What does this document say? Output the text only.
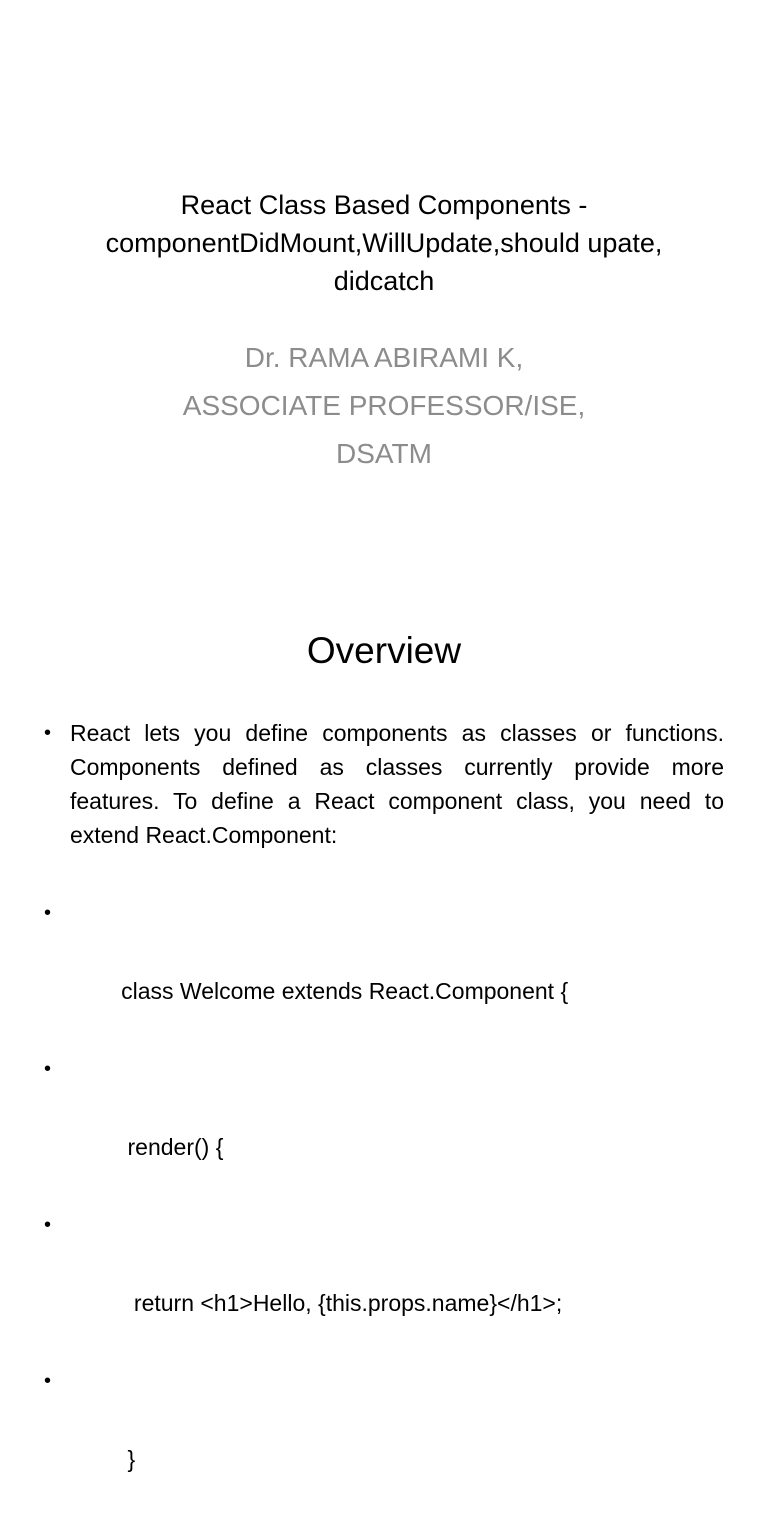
React Class Based Components -
componentDidMount,WillUpdate,should upate,
didcatch
Dr. RAMA ABIRAMI K,
ASSOCIATE PROFESSOR/ISE,
DSATM
Overview
• React lets you define components as classes or functions. Components defined as classes currently provide more features. To define a React component class, you need to extend React.Component:

•

class Welcome extends React.Component {

•

render() {

•

return <h1>Hello, {this.props.name}</h1>;

•

}
